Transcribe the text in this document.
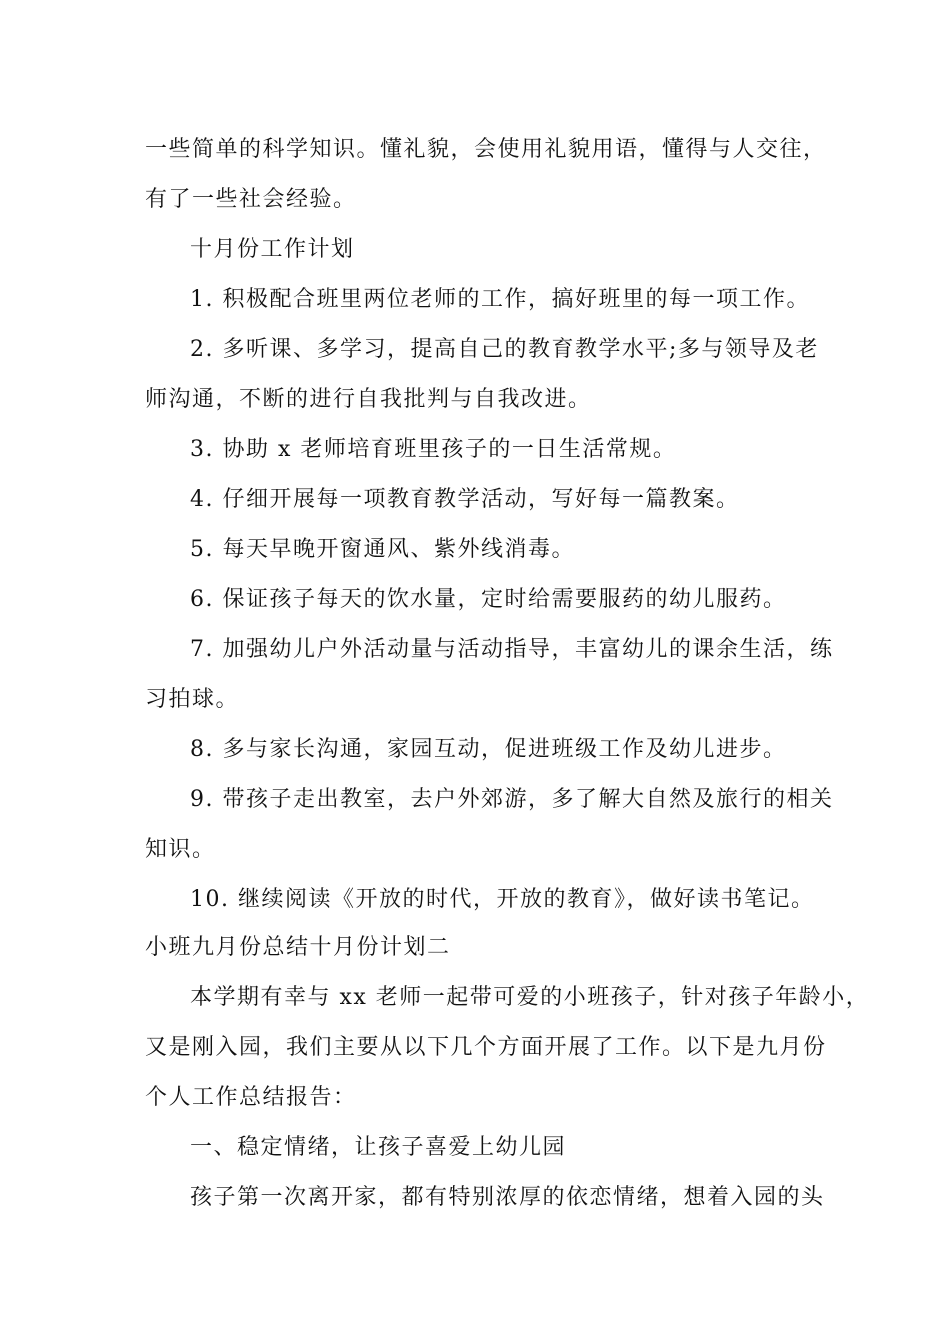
一些简单的科学知识。懂礼貌，会使用礼貌用语，懂得与人交往，
有了一些社会经验。
十月份工作计划
1. 积极配合班里两位老师的工作，搞好班里的每一项工作。
2. 多听课、多学习，提高自己的教育教学水平;多与领导及老
师沟通，不断的进行自我批判与自我改进。
3. 协助 x 老师培育班里孩子的一日生活常规。
4. 仔细开展每一项教育教学活动，写好每一篇教案。
5. 每天早晚开窗通风、紫外线消毒。
6. 保证孩子每天的饮水量，定时给需要服药的幼儿服药。
7. 加强幼儿户外活动量与活动指导，丰富幼儿的课余生活，练
习拍球。
8. 多与家长沟通，家园互动，促进班级工作及幼儿进步。
9. 带孩子走出教室，去户外郊游，多了解大自然及旅行的相关
知识。
10. 继续阅读《开放的时代，开放的教育》，做好读书笔记。
小班九月份总结十月份计划二
本学期有幸与 xx 老师一起带可爱的小班孩子，针对孩子年龄小，
又是刚入园，我们主要从以下几个方面开展了工作。以下是九月份
个人工作总结报告：
一、稳定情绪，让孩子喜爱上幼儿园
孩子第一次离开家，都有特别浓厚的依恋情绪，想着入园的头
